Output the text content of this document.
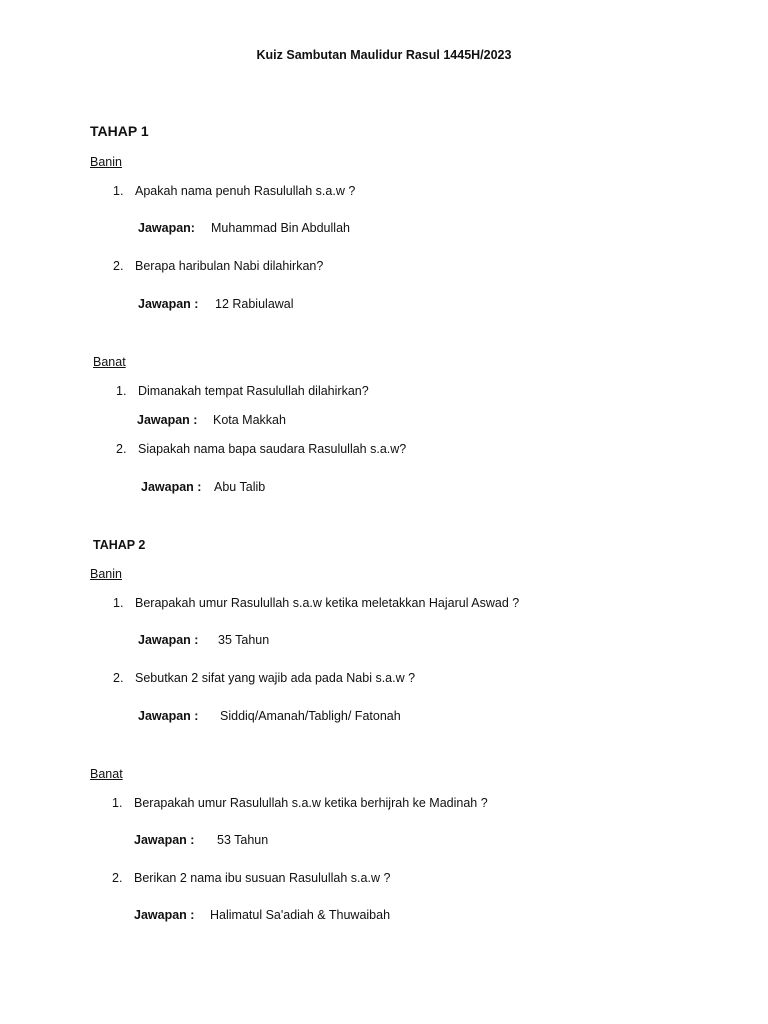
Kuiz Sambutan Maulidur Rasul 1445H/2023
TAHAP 1
Banin
1. Apakah nama penuh Rasulullah s.a.w ?
Jawapan: Muhammad Bin Abdullah
2. Berapa haribulan Nabi dilahirkan?
Jawapan : 12 Rabiulawal
Banat
1. Dimanakah tempat Rasulullah dilahirkan?
Jawapan : Kota Makkah
2. Siapakah nama bapa saudara Rasulullah s.a.w?
Jawapan : Abu Talib
TAHAP 2
Banin
1. Berapakah umur Rasulullah s.a.w ketika meletakkan Hajarul Aswad ?
Jawapan : 35 Tahun
2. Sebutkan 2 sifat yang wajib ada pada Nabi s.a.w ?
Jawapan : Siddiq/Amanah/Tabligh/ Fatonah
Banat
1. Berapakah umur Rasulullah s.a.w ketika berhijrah ke Madinah ?
Jawapan : 53 Tahun
2. Berikan 2 nama ibu susuan Rasulullah s.a.w ?
Jawapan : Halimatul Sa'adiah & Thuwaibah
